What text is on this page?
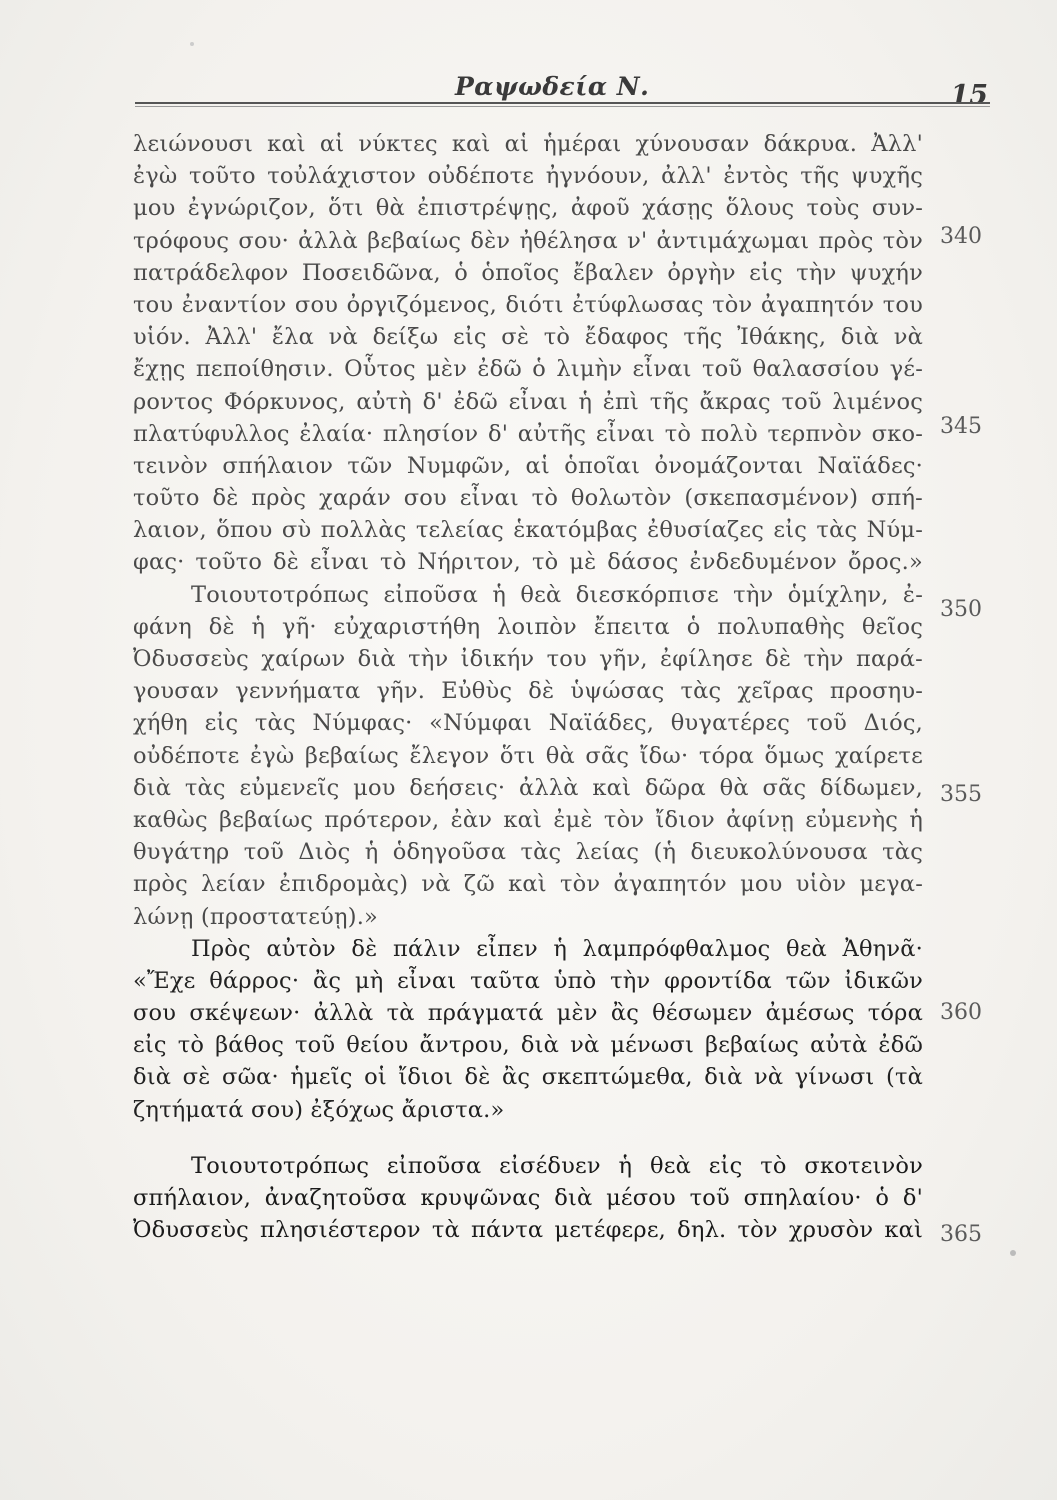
Ραψωδεία Ν.	15
λειώνουσι καὶ αἱ νύκτες καὶ αἱ ἡμέραι χύνουσαν δάκρυα. Ἀλλ'
ἐγὼ τοῦτο τοὐλάχιστον οὐδέποτε ἠγνόουν, ἀλλ' ἐντὸς τῆς ψυχῆς
μου ἐγνώριζον, ὅτι θὰ ἐπιστρέψῃς, ἀφοῦ χάσῃς ὅλους τοὺς συν-
τρόφους σου· ἀλλὰ βεβαίως δὲν ἠθέλησα ν' ἀντιμάχωμαι πρὸς τὸν
πατράδελφον Ποσειδῶνα, ὁ ὁποῖος ἔβαλεν ὀργὴν εἰς τὴν ψυχήν
του ἐναντίον σου ὀργιζόμενος, διότι ἐτύφλωσας τὸν ἀγαπητόν του
υἱόν. Ἀλλ' ἔλα νὰ δείξω εἰς σὲ τὸ ἔδαφος τῆς Ἰθάκης, διὰ νὰ
ἔχῃς πεποίθησιν. Οὗτος μὲν ἐδῶ ὁ λιμὴν εἶναι τοῦ θαλασσίου γέ-
ροντος Φόρκυνος, αὐτὴ δ' ἐδῶ εἶναι ἡ ἐπὶ τῆς ἄκρας τοῦ λιμένος
πλατύφυλλος ἐλαία· πλησίον δ' αὐτῆς εἶναι τὸ πολὺ τερπνὸν σκο-
τεινὸν σπήλαιον τῶν Νυμφῶν, αἱ ὁποῖαι ὀνομάζονται Ναϊάδες·
τοῦτο δὲ πρὸς χαράν σου εἶναι τὸ θολωτὸν (σκεπασμένον) σπή-
λαιον, ὅπου σὺ πολλὰς τελείας ἑκατόμβας ἐθυσίαζες εἰς τὰς Νύμ-
φας· τοῦτο δὲ εἶναι τὸ Νήριτον, τὸ μὲ δάσος ἐνδεδυμένον ὄρος.»
Τοιουτοτρόπως εἰποῦσα ἡ θεὰ διεσκόρπισε τὴν ὁμίχλην, ἐ-
φάνη δὲ ἡ γῆ· εὐχαριστήθη λοιπὸν ἔπειτα ὁ πολυπαθὴς θεῖος
Ὀδυσσεὺς χαίρων διὰ τὴν ἰδικήν του γῆν, ἐφίλησε δὲ τὴν παρά-
γουσαν γεννήματα γῆν. Εὐθὺς δὲ ὑψώσας τὰς χεῖρας προσηυ-
χήθη εἰς τὰς Νύμφας· «Νύμφαι Ναϊάδες, θυγατέρες τοῦ Διός,
οὐδέποτε ἐγὼ βεβαίως ἔλεγον ὅτι θὰ σᾶς ἴδω· τόρα ὅμως χαίρετε
διὰ τὰς εὐμενεῖς μου δεήσεις· ἀλλὰ καὶ δῶρα θὰ σᾶς δίδωμεν,
καθὼς βεβαίως πρότερον, ἐὰν καὶ ἐμὲ τὸν ἴδιον ἀφίνῃ εὐμενὴς ἡ
θυγάτηρ τοῦ Διὸς ἡ ὁδηγοῦσα τὰς λείας (ἡ διευκολύνουσα τὰς
πρὸς λείαν ἐπιδρομὰς) νὰ ζῶ καὶ τὸν ἀγαπητόν μου υἱὸν μεγα-
λώνῃ (προστατεύῃ).»
Πρὸς αὐτὸν δὲ πάλιν εἶπεν ἡ λαμπρόφθαλμος θεὰ Ἀθηνᾶ·
«Ἔχε θάρρος· ἂς μὴ εἶναι ταῦτα ὑπὸ τὴν φροντίδα τῶν ἰδικῶν
σου σκέψεων· ἀλλὰ τὰ πράγματά μὲν ἂς θέσωμεν ἀμέσως τόρα
εἰς τὸ βάθος τοῦ θείου ἄντρου, διὰ νὰ μένωσι βεβαίως αὐτὰ ἐδῶ
διὰ σὲ σῶα· ἡμεῖς οἱ ἴδιοι δὲ ἂς σκεπτώμεθα, διὰ νὰ γίνωσι (τὰ
ζητήματά σου) ἐξόχως ἄριστα.»
Τοιουτοτρόπως εἰποῦσα εἰσέδυεν ἡ θεὰ εἰς τὸ σκοτεινὸν
σπήλαιον, ἀναζητοῦσα κρυψῶνας διὰ μέσου τοῦ σπηλαίου· ὁ δ'
Ὀδυσσεὺς πλησιέστερον τὰ πάντα μετέφερε, δηλ. τὸν χρυσὸν καὶ
340
345
350
355
360
365
